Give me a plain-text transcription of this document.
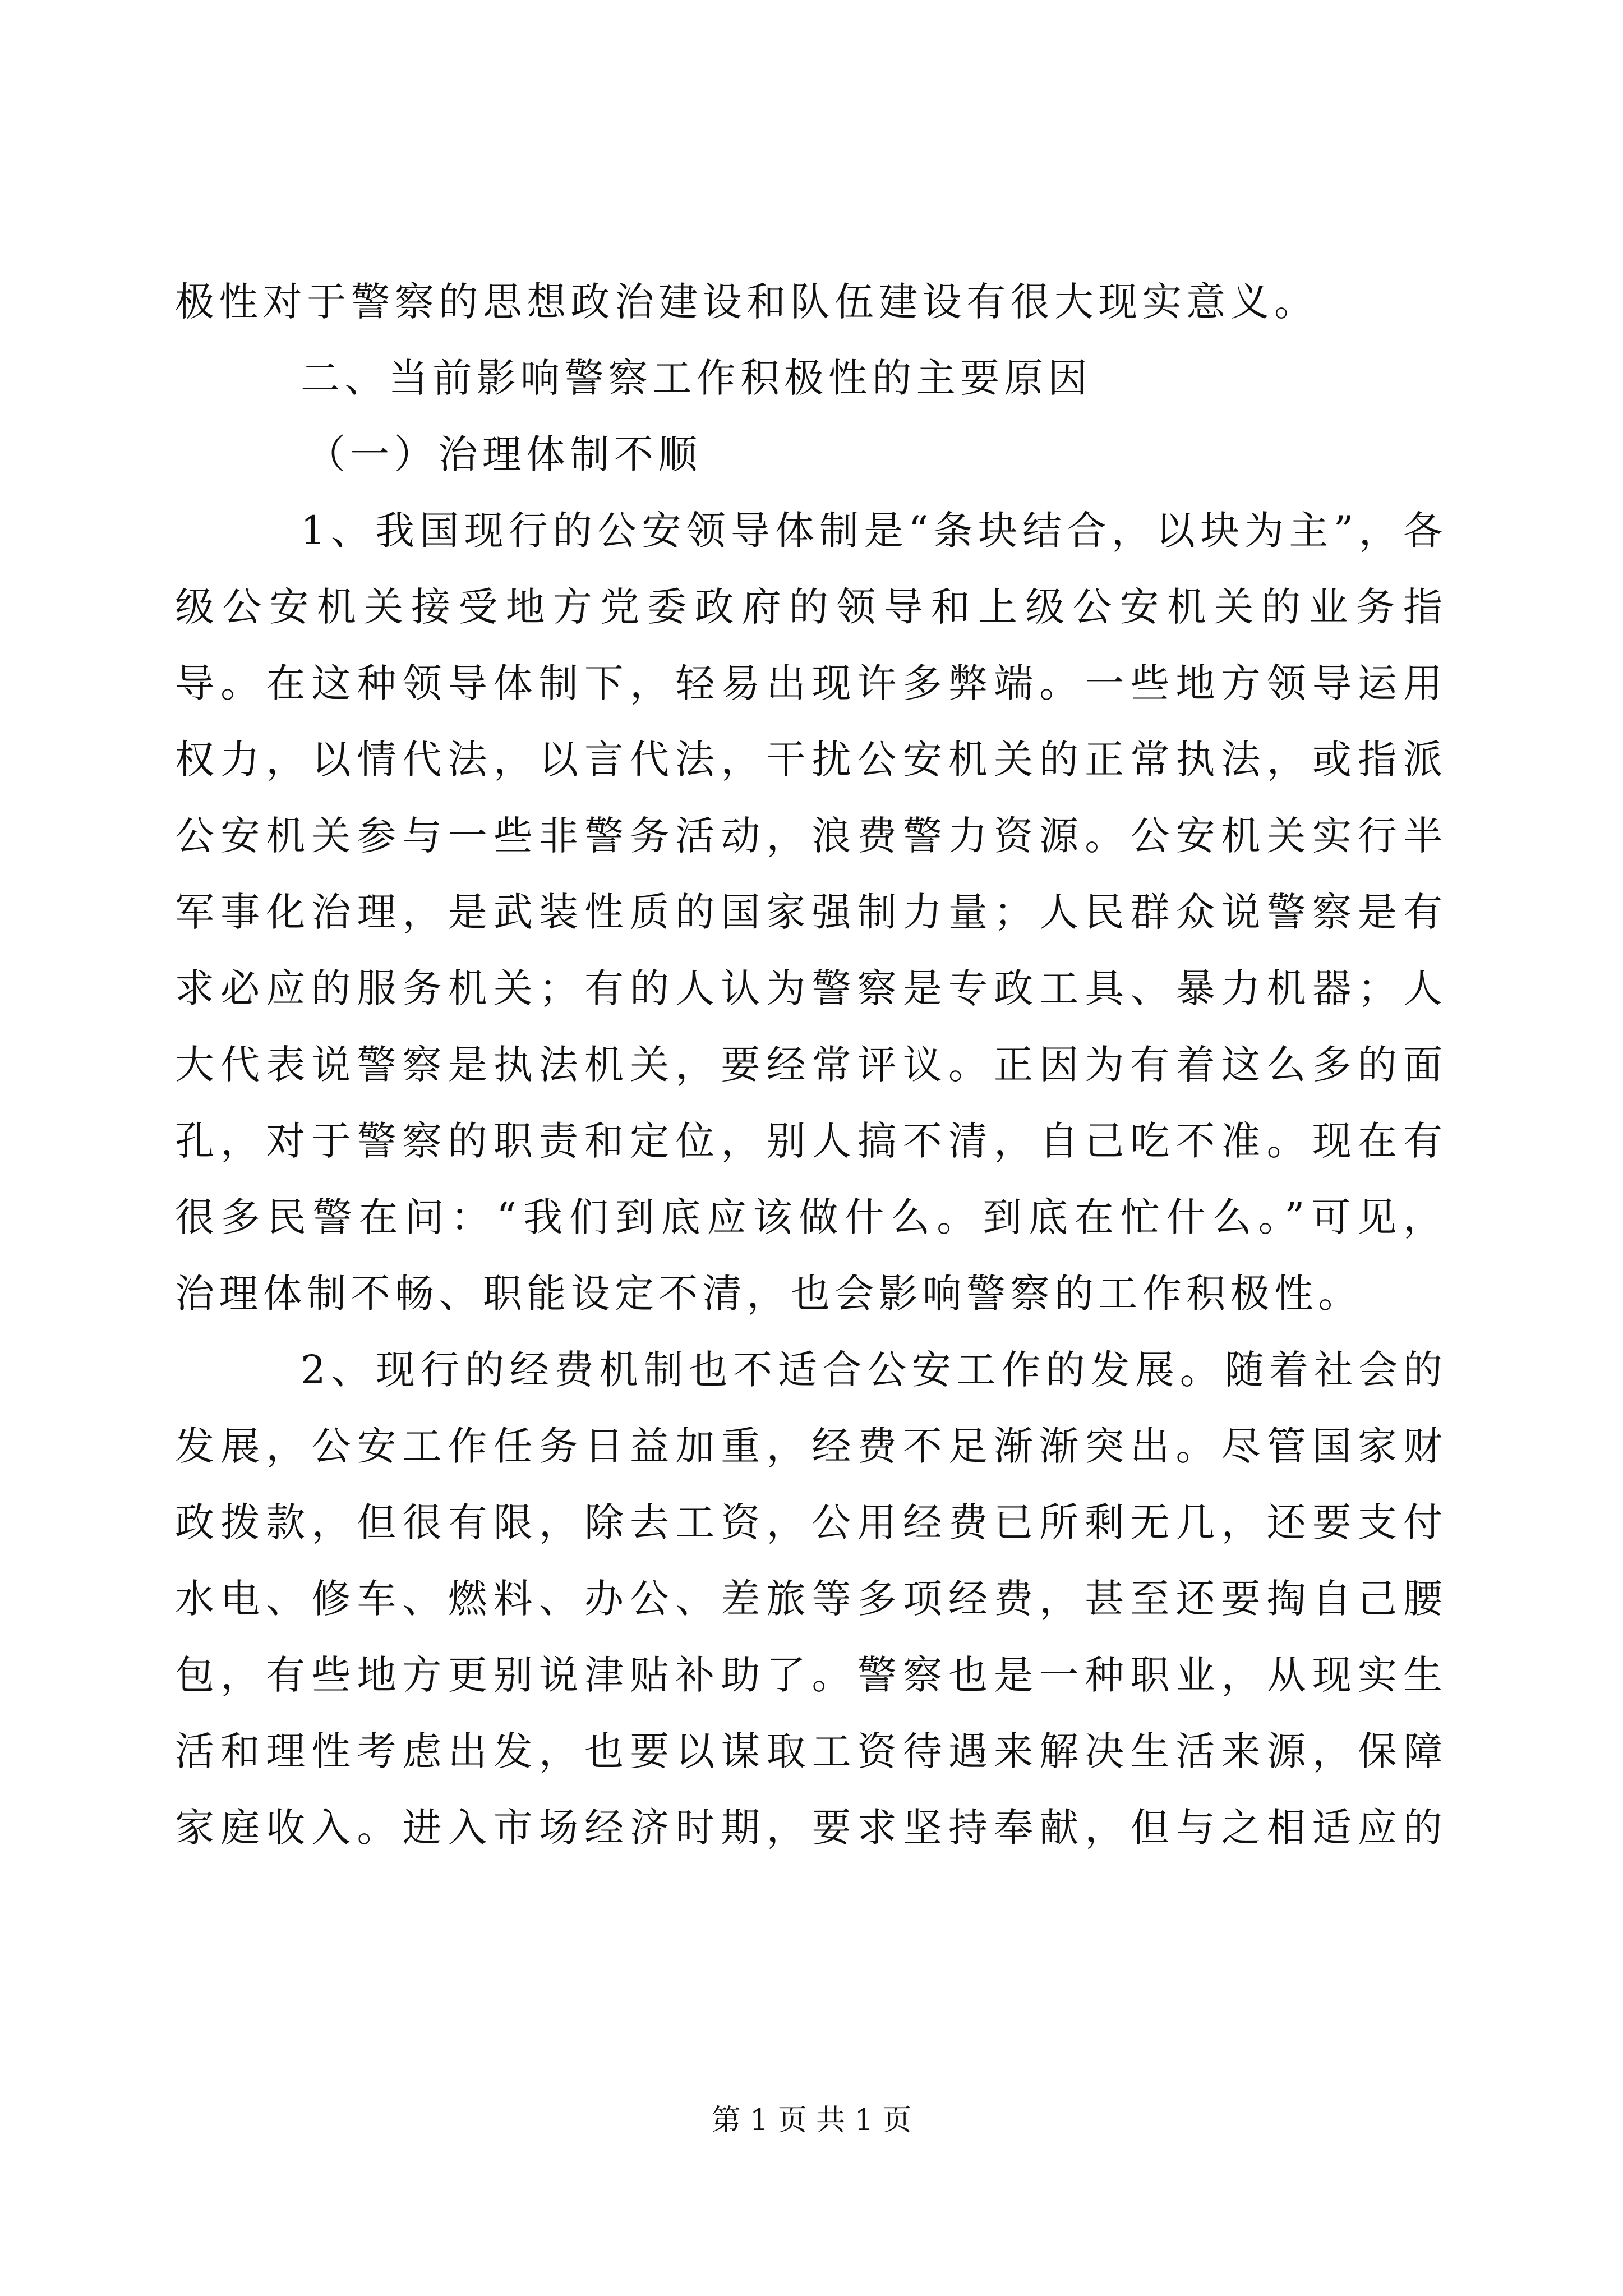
极性对于警察的思想政治建设和队伍建设有很大现实意义。
二、当前影响警察工作积极性的主要原因
（一）治理体制不顺
1、我国现行的公安领导体制是“条块结合，以块为主”，各
级公安机关接受地方党委政府的领导和上级公安机关的业务指
导。在这种领导体制下，轻易出现许多弊端。一些地方领导运用
权力，以情代法，以言代法，干扰公安机关的正常执法，或指派
公安机关参与一些非警务活动，浪费警力资源。公安机关实行半
军事化治理，是武装性质的国家强制力量；人民群众说警察是有
求必应的服务机关；有的人认为警察是专政工具、暴力机器；人
大代表说警察是执法机关，要经常评议。正因为有着这么多的面
孔，对于警察的职责和定位，别人搞不清，自己吃不准。现在有
很多民警在问：“我们到底应该做什么。到底在忙什么。”可见，
治理体制不畅、职能设定不清，也会影响警察的工作积极性。
2、现行的经费机制也不适合公安工作的发展。随着社会的
发展，公安工作任务日益加重，经费不足渐渐突出。尽管国家财
政拨款，但很有限，除去工资，公用经费已所剩无几，还要支付
水电、修车、燃料、办公、差旅等多项经费，甚至还要掏自己腰
包，有些地方更别说津贴补助了。警察也是一种职业，从现实生
活和理性考虑出发，也要以谋取工资待遇来解决生活来源，保障
家庭收入。进入市场经济时期，要求坚持奉献，但与之相适应的
第 1 页 共 1 页
